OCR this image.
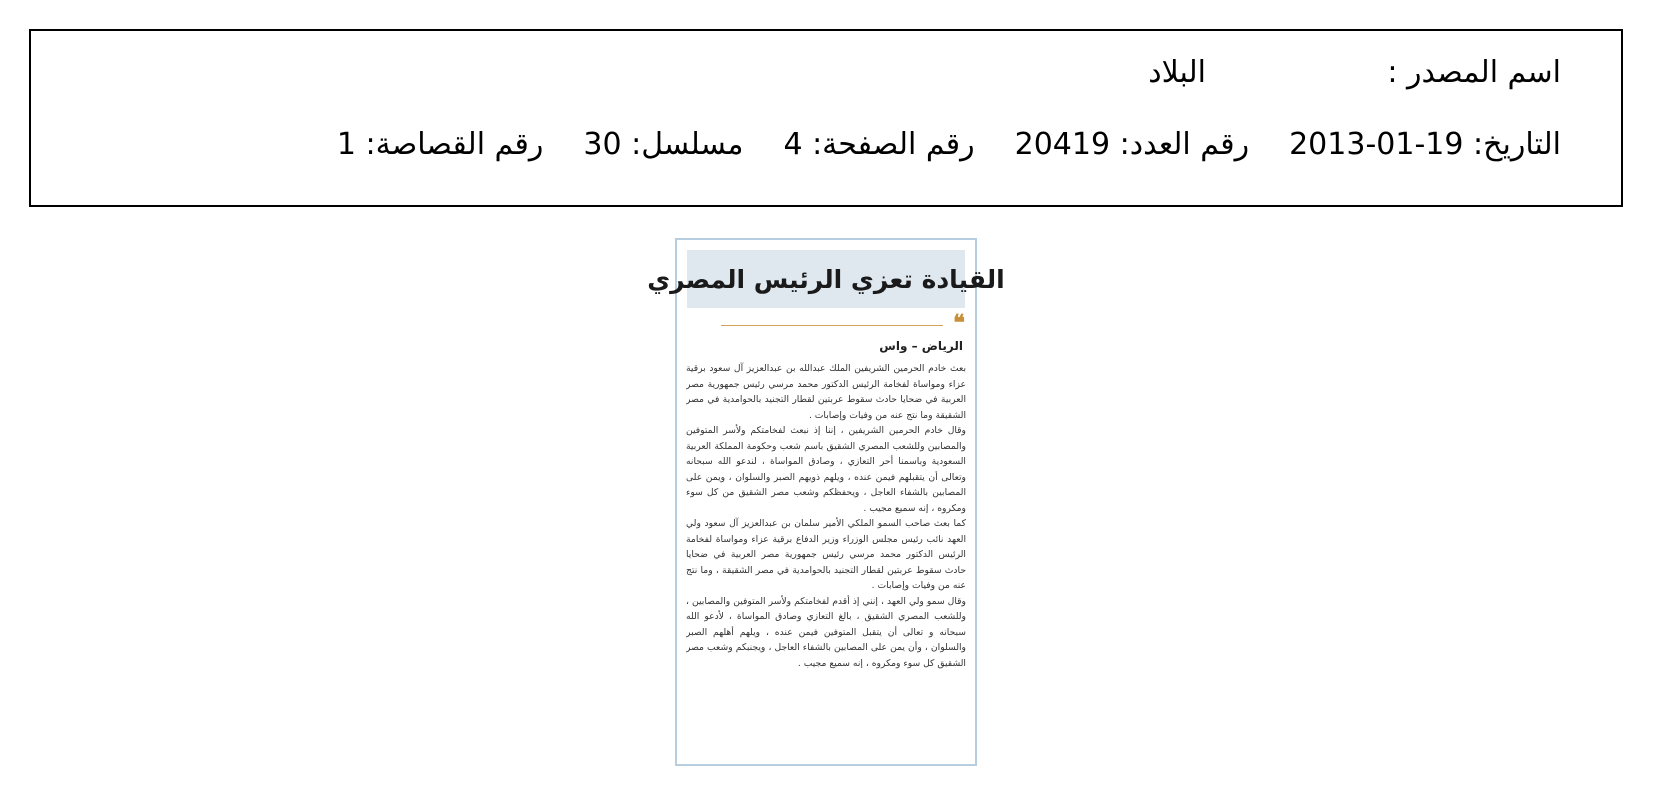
اسم المصدر :
البلاد
التاريخ: 19-01-2013
رقم العدد: 20419
رقم الصفحة: 4
مسلسل: 30
رقم القصاصة: 1
القيادة تعزي الرئيس المصري
❝
الرياض – واس

بعث خادم الحرمين الشريفين الملك عبدالله بن عبدالعزيز آل سعود برقية عزاء ومواساة لفخامة الرئيس الدكتور محمد مرسي رئيس جمهورية مصر العربية في ضحايا حادث سقوط عربتين لقطار التجنيد بالحوامدية في مصر الشقيقة وما نتج عنه من وفيات وإصابات .

وقال خادم الحرمين الشريفين ، إننا إذ نبعث لفخامتكم ولأسر المتوفين والمصابين وللشعب المصري الشقيق باسم شعب وحكومة المملكة العربية السعودية وباسمنا أحر التعازي ، وصادق المواساة ، لندعو الله سبحانه وتعالى أن يتقبلهم فيمن عنده ، ويلهم ذويهم الصبر والسلوان ، ويمن على المصابين بالشفاء العاجل ، ويحفظكم وشعب مصر الشقيق من كل سوء ومكروه ، إنه سميع مجيب .

كما بعث صاحب السمو الملكي الأمير سلمان بن عبدالعزيز آل سعود ولي العهد نائب رئيس مجلس الوزراء وزير الدفاع برقية عزاء ومواساة لفخامة الرئيس الدكتور محمد مرسي رئيس جمهورية مصر العربية في ضحايا حادث سقوط عربتين لقطار التجنيد بالحوامدية في مصر الشقيقة ، وما نتج عنه من وفيات وإصابات .

وقال سمو ولي العهد ، إنني إذ أقدم لفخامتكم ولأسر المتوفين والمصابين ، وللشعب المصري الشقيق ، بالغ التعازي وصادق المواساة ، لأدعو الله سبحانه و تعالى أن يتقبل المتوفين فيمن عنده ، ويلهم أهلهم الصبر والسلوان ، وأن يمن على المصابين بالشفاء العاجل ، ويجنبكم وشعب مصر الشقيق كل سوء ومكروه ، إنه سميع مجيب .
